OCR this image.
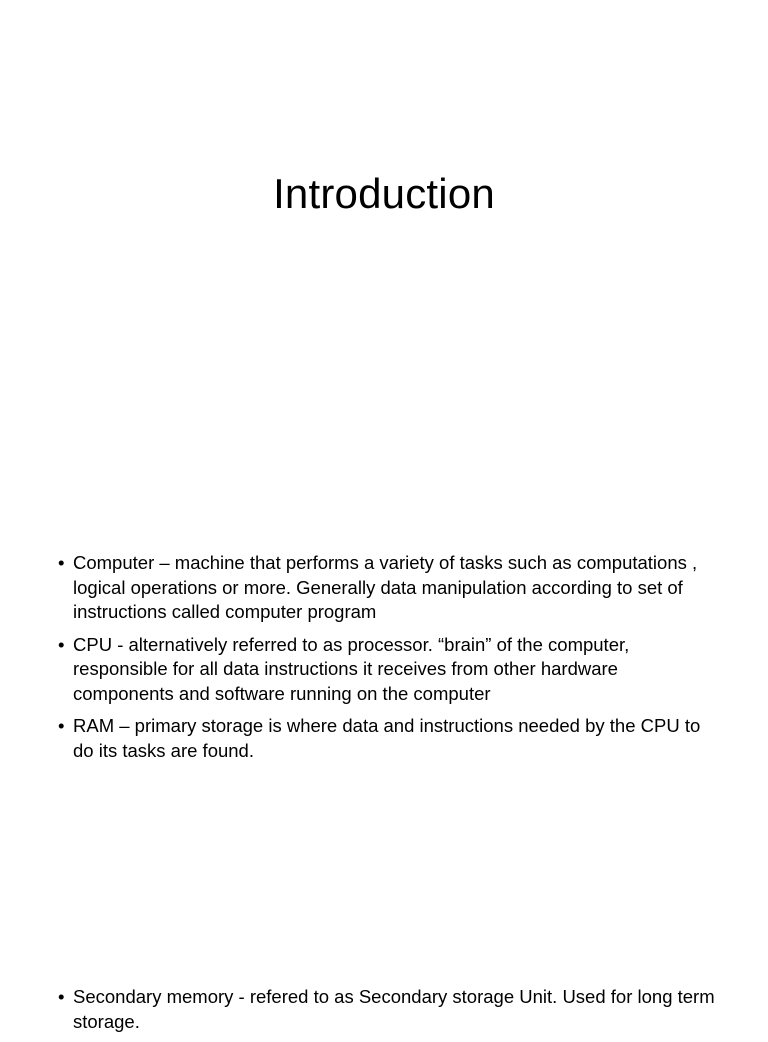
Introduction
• Computer – machine that performs a variety of tasks such as computations , logical operations or more. Generally data manipulation according to set of instructions called computer program
• CPU - alternatively referred to as processor. “brain” of the computer, responsible for all data instructions it receives from other hardware components and software running on the computer
• RAM – primary storage is where data and instructions needed by the CPU to do its tasks are found.
• Secondary memory - refered to as Secondary storage Unit. Used for long term storage.
